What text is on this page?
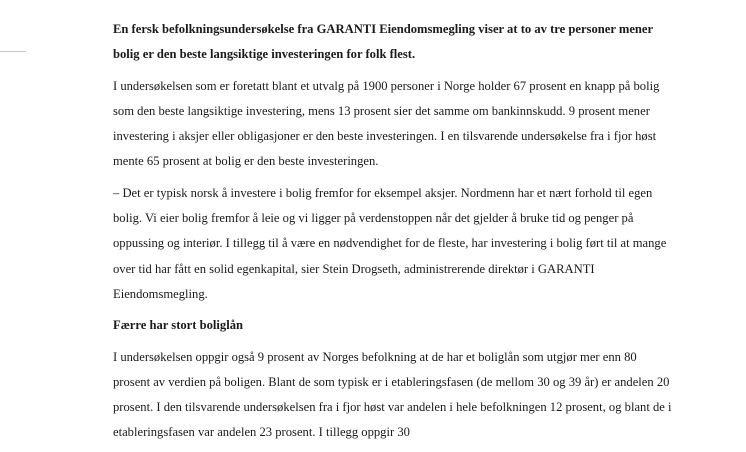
En fersk befolkningsundersøkelse fra GARANTI Eiendomsmegling viser at to av tre personer mener bolig er den beste langsiktige investeringen for folk flest.

I undersøkelsen som er foretatt blant et utvalg på 1900 personer i Norge holder 67 prosent en knapp på bolig som den beste langsiktige investering, mens 13 prosent sier det samme om bankinnskudd. 9 prosent mener investering i aksjer eller obligasjoner er den beste investeringen. I en tilsvarende undersøkelse fra i fjor høst mente 65 prosent at bolig er den beste investeringen.

– Det er typisk norsk å investere i bolig fremfor for eksempel aksjer. Nordmenn har et nært forhold til egen bolig. Vi eier bolig fremfor å leie og vi ligger på verdenstoppen når det gjelder å bruke tid og penger på oppussing og interiør. I tillegg til å være en nødvendighet for de fleste, har investering i bolig ført til at mange over tid har fått en solid egenkapital, sier Stein Drogseth, administrerende direktør i GARANTI Eiendomsmegling.

Færre har stort boliglån

I undersøkelsen oppgir også 9 prosent av Norges befolkning at de har et boliglån som utgjør mer enn 80 prosent av verdien på boligen. Blant de som typisk er i etableringsfasen (de mellom 30 og 39 år) er andelen 20 prosent. I den tilsvarende undersøkelsen fra i fjor høst var andelen i hele befolkningen 12 prosent, og blant de i etableringsfasen var andelen 23 prosent. I tillegg oppgir 30
